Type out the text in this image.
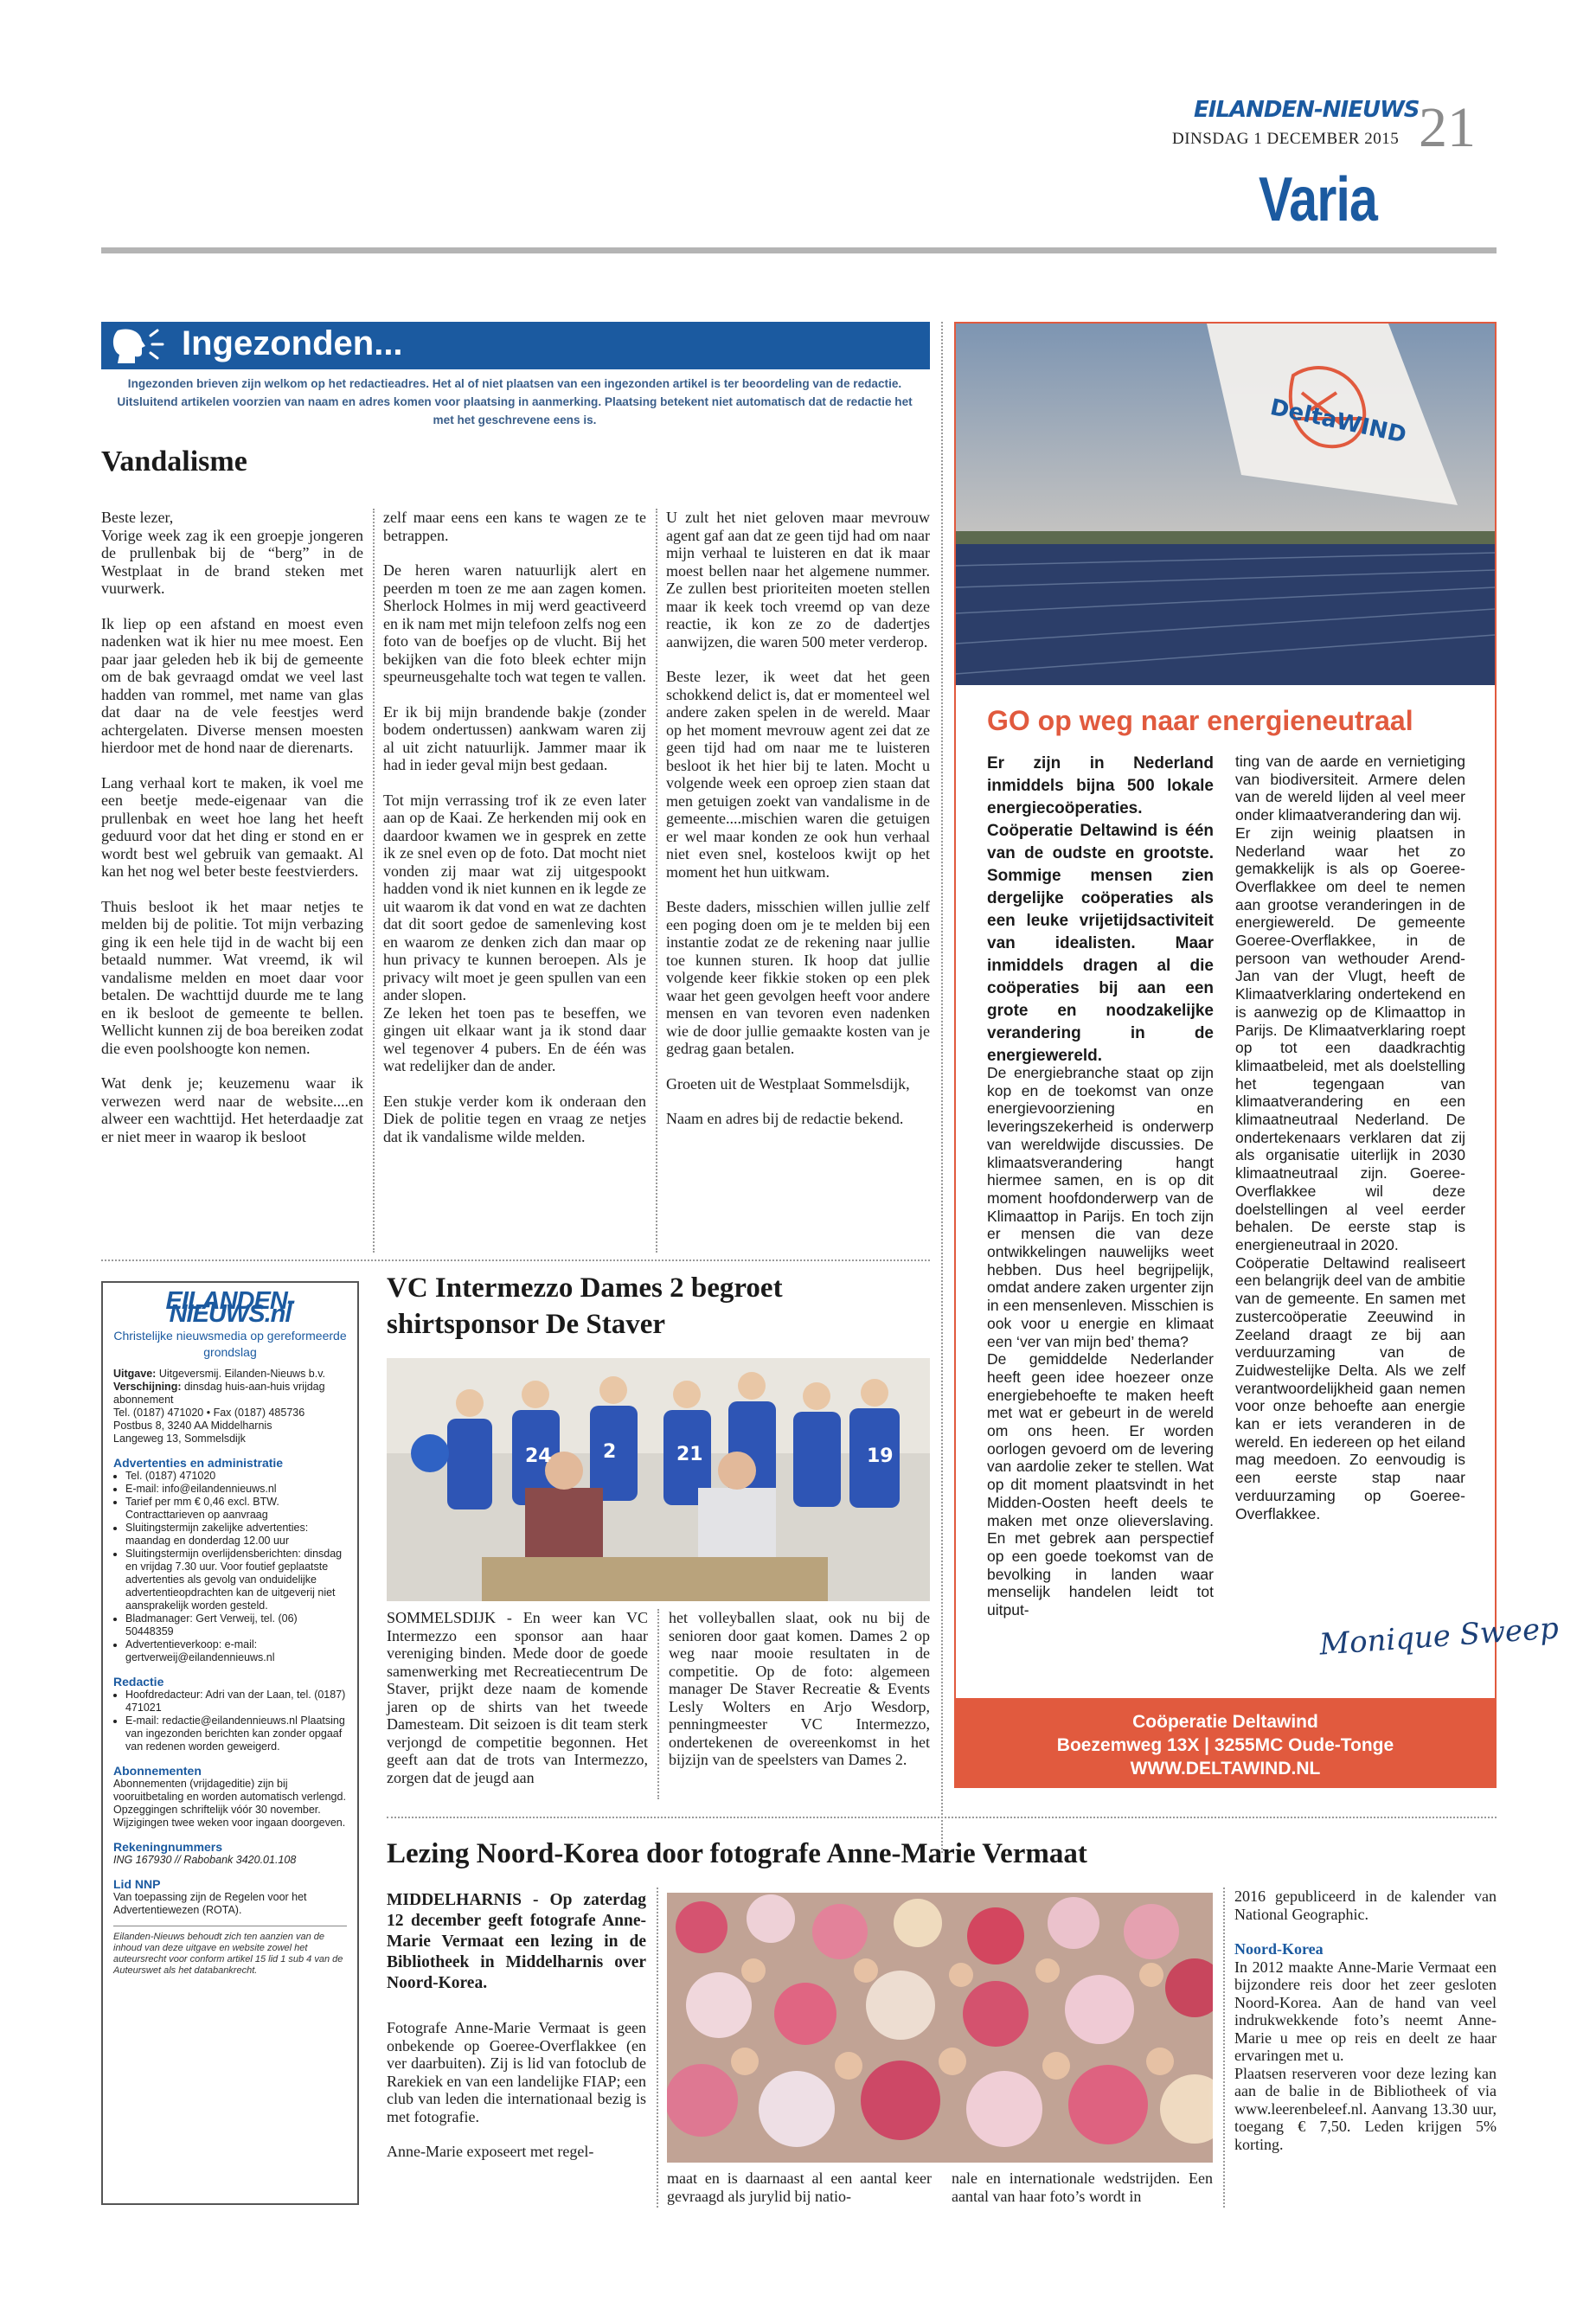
EILANDEN-NIEUWS
DINSDAG 1 DECEMBER 2015 21
Varia
Ingezonden...
Ingezonden brieven zijn welkom op het redactieadres. Het al of niet plaatsen van een ingezonden artikel is ter beoordeling van de redactie. Uitsluitend artikelen voorzien van naam en adres komen voor plaatsing in aanmerking. Plaatsing betekent niet automatisch dat de redactie het met het geschrevene eens is.
Vandalisme

Beste lezer,
Vorige week zag ik een groepje jongeren de prullenbak bij de “berg” in de Westplaat in de brand steken met vuurwerk.

Ik liep op een afstand en moest even nadenken wat ik hier nu mee moest. Een paar jaar geleden heb ik bij de gemeente om de bak gevraagd omdat we veel last hadden van rommel, met name van glas dat daar na de vele feestjes werd achtergelaten. Diverse mensen moesten hierdoor met de hond naar de dierenarts.

Lang verhaal kort te maken, ik voel me een beetje mede-eigenaar van die prullenbak en weet hoe lang het heeft geduurd voor dat het ding er stond en er wordt best wel gebruik van gemaakt. Al kan het nog wel beter beste feestvierders.

Thuis besloot ik het maar netjes te melden bij de politie. Tot mijn verbazing ging ik een hele tijd in de wacht bij een betaald nummer. Wat vreemd, ik wil vandalisme melden en moet daar voor betalen. De wachttijd duurde me te lang en ik besloot de gemeente te bellen. Wellicht kunnen zij de boa bereiken zodat die even poolshoogte kon nemen.

Wat denk je; keuzemenu waar ik verwezen werd naar de website....en alweer een wachttijd. Het heterdaadje zat er niet meer in waarop ik besloot

zelf maar eens een kans te wagen ze te betrappen.

De heren waren natuurlijk alert en peerden m toen ze me aan zagen komen. Sherlock Holmes in mij werd geactiveerd en ik nam met mijn telefoon zelfs nog een foto van de boefjes op de vlucht. Bij het bekijken van die foto bleek echter mijn speurneusgehalte toch wat tegen te vallen.

Er ik bij mijn brandende bakje (zonder bodem ondertussen) aankwam waren zij al uit zicht natuurlijk. Jammer maar ik had in ieder geval mijn best gedaan.

Tot mijn verrassing trof ik ze even later aan op de Kaai. Ze herkenden mij ook en daardoor kwamen we in gesprek en zette ik ze snel even op de foto. Dat mocht niet vonden zij maar wat zij uitgespookt hadden vond ik niet kunnen en ik legde ze uit waarom ik dat vond en wat ze dachten dat dit soort gedoe de samenleving kost en waarom ze denken zich dan maar op hun privacy te kunnen beroepen. Als je privacy wilt moet je geen spullen van een ander slopen.
Ze leken het toen pas te beseffen, we gingen uit elkaar want ja ik stond daar wel tegenover 4 pubers. En de één was wat redelijker dan de ander.

Een stukje verder kom ik onderaan den Diek de politie tegen en vraag ze netjes dat ik vandalisme wilde melden.

U zult het niet geloven maar mevrouw agent gaf aan dat ze geen tijd had om naar mijn verhaal te luisteren en dat ik maar moest bellen naar het algemene nummer. Ze zullen best prioriteiten moeten stellen maar ik keek toch vreemd op van deze reactie, ik kon ze zo de dadertjes aanwijzen, die waren 500 meter verderop.

Beste lezer, ik weet dat het geen schokkend delict is, dat er momenteel wel andere zaken spelen in de wereld. Maar op het moment mevrouw agent zei dat ze geen tijd had om naar me te luisteren besloot ik het hier bij te laten. Mocht u volgende week een oproep zien staan dat men getuigen zoekt van vandalisme in de gemeente....mischien waren die getuigen er wel maar konden ze ook hun verhaal niet even snel, kosteloos kwijt op het moment het hun uitkwam.

Beste daders, misschien willen jullie zelf een poging doen om je te melden bij een instantie zodat ze de rekening naar jullie toe kunnen sturen. Ik hoop dat jullie volgende keer fikkie stoken op een plek waar het geen gevolgen heeft voor andere mensen en van tevoren even nadenken wie de door jullie gemaakte kosten van je gedrag gaan betalen.

Groeten uit de Westplaat Sommelsdijk,

Naam en adres bij de redactie bekend.

EILANDEN-NIEUWS.nl
Christelijke nieuwsmedia op gereformeerde grondslag
Uitgave: Uitgeversmij. Eilanden-Nieuws b.v.
Verschijning: dinsdag huis-aan-huis vrijdag abonnement
Tel. (0187) 471020 • Fax (0187) 485736
Postbus 8, 3240 AA Middelharnis
Langeweg 13, Sommelsdijk
Advertenties en administratie
• Tel. (0187) 471020
• E-mail: info@eilandennieuws.nl
• Tarief per mm € 0,46 excl. BTW. Contracttarieven op aanvraag
• Sluitingstermijn zakelijke advertenties: maandag en donderdag 12.00 uur
• Sluitingstermijn overlijdensberichten: dinsdag en vrijdag 7.30 uur. Voor foutief geplaatste advertenties als gevolg van onduidelijke advertentieopdrachten kan de uitgeverij niet aansprakelijk worden gesteld.
• Bladmanager: Gert Verweij, tel. (06) 50448359
• Advertentieverkoop: e-mail: gertverweij@eilandennieuws.nl
Redactie
• Hoofdredacteur: Adri van der Laan, tel. (0187) 471021
• E-mail: redactie@eilandennieuws.nl Plaatsing van ingezonden berichten kan zonder opgaaf van redenen worden geweigerd.
Abonnementen
Abonnementen (vrijdageditie) zijn bij vooruitbetaling en worden automatisch verlengd. Opzeggingen schriftelijk vóór 30 november. Wijzigingen twee weken voor ingaan doorgeven.
Rekeningnummers
ING 167930 // Rabobank 3420.01.108
Lid NNP
Van toepassing zijn de Regelen voor het Advertentiewezen (ROTA).
Eilanden-Nieuws behoudt zich ten aanzien van de inhoud van deze uitgave en website zowel het auteursrecht voor conform artikel 15 lid 1 sub 4 van de Auteurswet als het databankrecht.
VC Intermezzo Dames 2 begroet shirtsponsor De Staver
24	2	21	19
SOMMELSDIJK - En weer kan VC Intermezzo een sponsor aan haar vereniging binden. Mede door de goede samenwerking met Recreatiecentrum De Staver, prijkt deze naam de komende jaren op de shirts van het tweede Damesteam. Dit seizoen is dit team sterk verjongd de competitie begonnen. Het geeft aan dat de trots van Intermezzo, zorgen dat de jeugd aan
het volleyballen slaat, ook nu bij de senioren door gaat komen. Dames 2 op weg naar mooie resultaten in de competitie. Op de foto: algemeen manager De Staver Recreatie & Events Lesly Wolters en Arjo Wesdorp, penningmeester VC Intermezzo, ondertekenen de overeenkomst in het bijzijn van de speelsters van Dames 2.
DeltaWIND
GO op weg naar energieneutraal
Er zijn in Nederland inmiddels bijna 500 lokale energiecoöperaties. Coöperatie Deltawind is één van de oudste en grootste. Sommige mensen zien dergelijke coöperaties als een leuke vrijetijdsactiviteit van idealisten. Maar inmiddels dragen al die coöperaties bij aan een grote en noodzakelijke verandering in de energiewereld.
De energiebranche staat op zijn kop en de toekomst van onze energievoorziening en leveringszekerheid is onderwerp van wereldwijde discussies. De klimaatsverandering hangt hiermee samen, en is op dit moment hoofdonderwerp van de Klimaattop in Parijs. En toch zijn er mensen die van deze ontwikkelingen nauwelijks weet hebben. Dus heel begrijpelijk, omdat andere zaken urgenter zijn in een mensenleven. Misschien is ook voor u energie en klimaat een ‘ver van mijn bed’ thema?
De gemiddelde Nederlander heeft geen idee hoezeer onze energiebehoefte te maken heeft met wat er gebeurt in de wereld om ons heen. Er worden oorlogen gevoerd om de levering van aardolie zeker te stellen. Wat op dit moment plaatsvindt in het Midden-Oosten heeft deels te maken met onze olieverslaving. En met gebrek aan perspectief op een goede toekomst van de bevolking in landen waar menselijk handelen leidt tot uitput-
ting van de aarde en vernietiging van biodiversiteit. Armere delen van de wereld lijden al veel meer onder klimaatverandering dan wij.
Er zijn weinig plaatsen in Nederland waar het zo gemakkelijk is als op Goeree-Overflakkee om deel te nemen aan grootse veranderingen in de energiewereld. De gemeente Goeree-Overflakkee, in de persoon van wethouder Arend-Jan van der Vlugt, heeft de Klimaatverklaring ondertekend en is aanwezig op de Klimaattop in Parijs. De Klimaatverklaring roept op tot een daadkrachtig klimaatbeleid, met als doelstelling het tegengaan van klimaatverandering en een klimaatneutraal Nederland. De ondertekenaars verklaren dat zij als organisatie uiterlijk in 2030 klimaatneutraal zijn. Goeree-Overflakkee wil deze doelstellingen al veel eerder behalen. De eerste stap is energieneutraal in 2020.
Coöperatie Deltawind realiseert een belangrijk deel van de ambitie van de gemeente. En samen met zustercoöperatie Zeeuwind in Zeeland draagt ze bij aan verduurzaming van de Zuidwestelijke Delta. Als we zelf verantwoordelijkheid gaan nemen voor onze behoefte aan energie kan er iets veranderen in de wereld. En iedereen op het eiland mag meedoen. Zo eenvoudig is een eerste stap naar verduurzaming op Goeree-Overflakkee.
Monique Sweep
Coöperatie Deltawind
Boezemweg 13X | 3255MC Oude-Tonge
WWW.DELTAWIND.NL
Lezing Noord-Korea door fotografe Anne-Marie Vermaat
MIDDELHARNIS - Op zaterdag 12 december geeft fotografe Anne-Marie Vermaat een lezing in de Bibliotheek in Middelharnis over Noord-Korea.

Fotografe Anne-Marie Vermaat is geen onbekende op Goeree-Overflakkee (en ver daarbuiten). Zij is lid van fotoclub de Rarekiek en van een landelijke FIAP; een club van leden die internationaal bezig is met fotografie.

Anne-Marie exposeert met regel-

maat en is daarnaast al een aantal keer gevraagd als jurylid bij natio-
nale en internationale wedstrijden. Een aantal van haar foto’s wordt in

2016 gepubliceerd in de kalender van National Geographic.

Noord-Korea

In 2012 maakte Anne-Marie Vermaat een bijzondere reis door het zeer gesloten Noord-Korea. Aan de hand van veel indrukwekkende foto’s neemt Anne-Marie u mee op reis en deelt ze haar ervaringen met u.

Plaatsen reserveren voor deze lezing kan aan de balie in de Bibliotheek of via www.leerenbeleef.nl. Aanvang 13.30 uur, toegang € 7,50. Leden krijgen 5% korting.
